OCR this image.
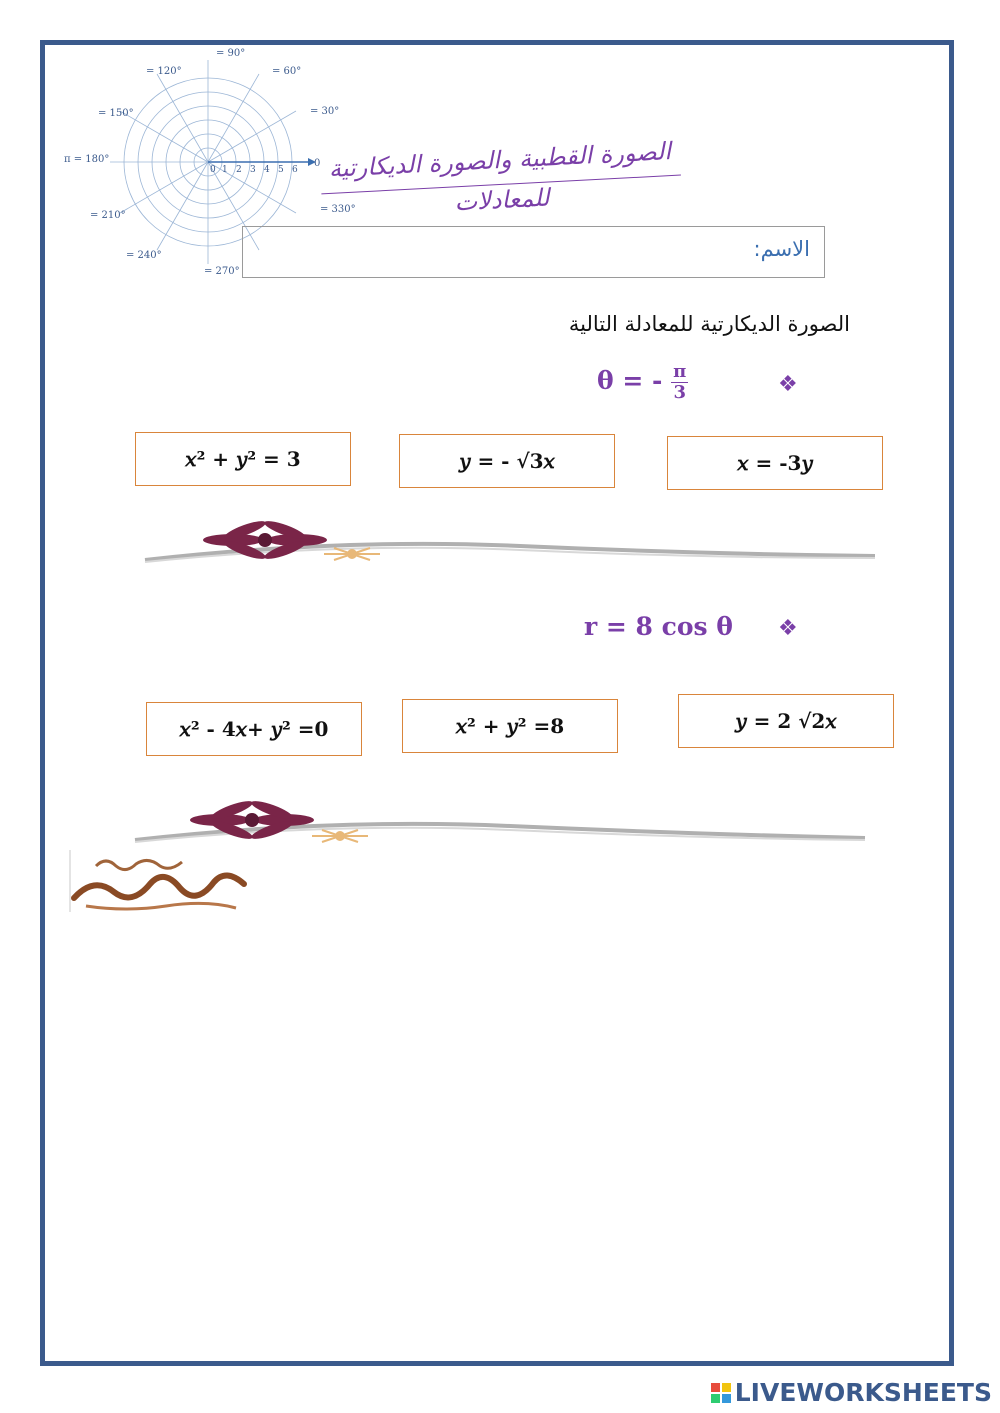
0 1 2 3 4 5 6
0
π = 180°
= 90°
= 120°	= 60°
= 150°	= 30°
= 210°
= 330°
= 240°
= 270°
الصورة القطبية والصورة الديكارتية للمعادلات
الاسم:
الصورة الديكارتية للمعادلة التالية
❖
θ = - $\frac{\pi}{3}$
𝑥² + 𝑦² =
3	𝑦 = - √3 𝑥	𝑥 = -3 𝑦
❖
r = 8 cos θ
𝑥² - 4𝑥+ 𝑦² = 0	𝑥² + 𝑦² = 8	𝑦 = 2 √2 𝑥
LIVEWORKSHEETS
